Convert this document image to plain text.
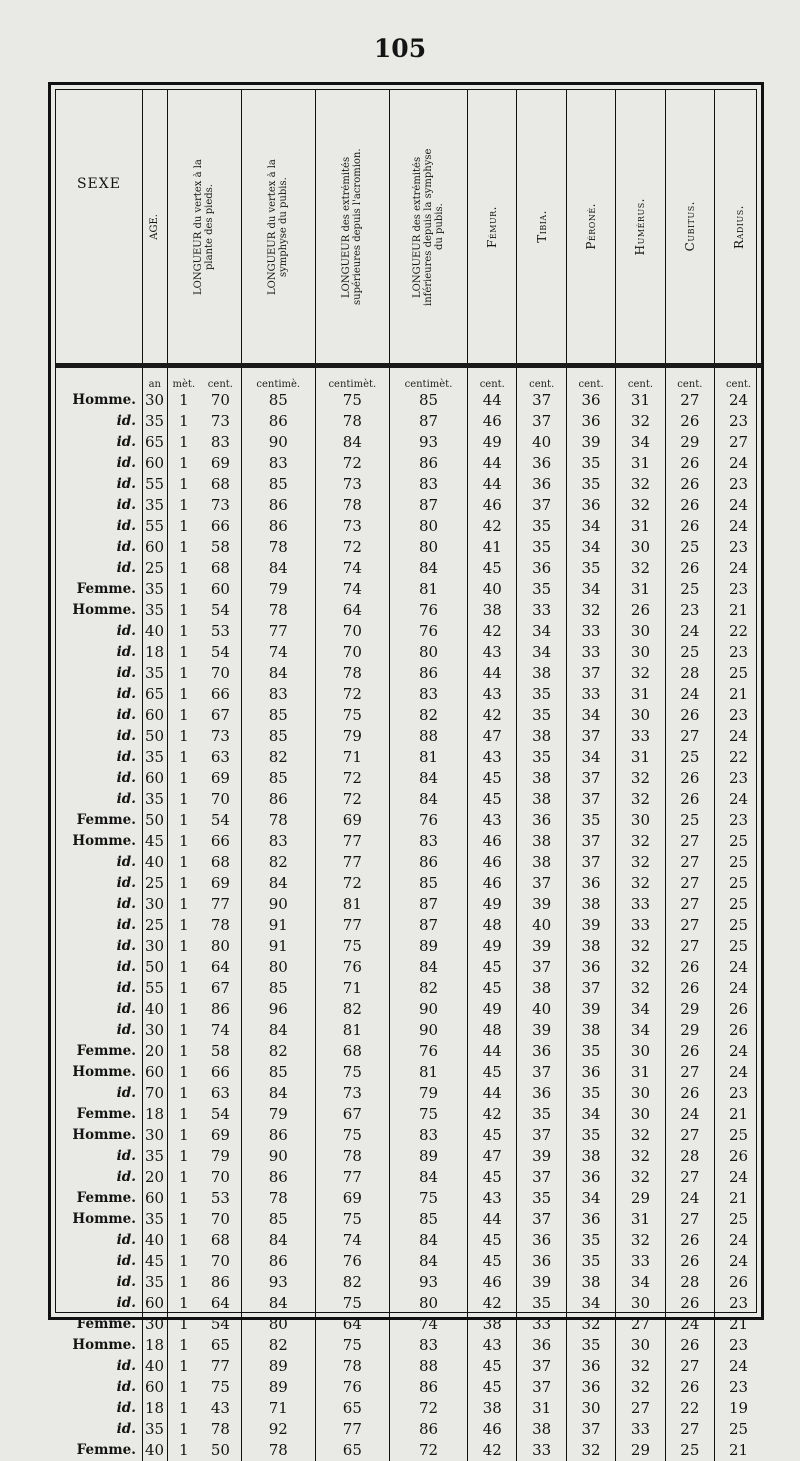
105
SEXE	AGE.	LONGUEUR du vertex à la plante des pieds.		LONGUEUR du vertex à la symphyse du pubis.	LONGUEUR des extrémités supérieures depuis l'acromion.	LONGUEUR des extrémités inférieures depuis la symphyse du pubis.	Fémur.	Tibia.	Péroné.	Humérus.	Cubitus.	Radius.

	an	mèt.	cent.	centimè.	centimèt.	centimèt.	cent.	cent.	cent.	cent.	cent.	cent.
Homme.	30	1	70	85	75	85	44	37	36	31	27	24
id.	35	1	73	86	78	87	46	37	36	32	26	23
id.	65	1	83	90	84	93	49	40	39	34	29	27
id.	60	1	69	83	72	86	44	36	35	31	26	24
id.	55	1	68	85	73	83	44	36	35	32	26	23
id.	35	1	73	86	78	87	46	37	36	32	26	24
id.	55	1	66	86	73	80	42	35	34	31	26	24
id.	60	1	58	78	72	80	41	35	34	30	25	23
id.	25	1	68	84	74	84	45	36	35	32	26	24
Femme.	35	1	60	79	74	81	40	35	34	31	25	23
Homme.	35	1	54	78	64	76	38	33	32	26	23	21
id.	40	1	53	77	70	76	42	34	33	30	24	22
id.	18	1	54	74	70	80	43	34	33	30	25	23
id.	35	1	70	84	78	86	44	38	37	32	28	25
id.	65	1	66	83	72	83	43	35	33	31	24	21
id.	60	1	67	85	75	82	42	35	34	30	26	23
id.	50	1	73	85	79	88	47	38	37	33	27	24
id.	35	1	63	82	71	81	43	35	34	31	25	22
id.	60	1	69	85	72	84	45	38	37	32	26	23
id.	35	1	70	86	72	84	45	38	37	32	26	24
Femme.	50	1	54	78	69	76	43	36	35	30	25	23
Homme.	45	1	66	83	77	83	46	38	37	32	27	25
id.	40	1	68	82	77	86	46	38	37	32	27	25
id.	25	1	69	84	72	85	46	37	36	32	27	25
id.	30	1	77	90	81	87	49	39	38	33	27	25
id.	25	1	78	91	77	87	48	40	39	33	27	25
id.	30	1	80	91	75	89	49	39	38	32	27	25
id.	50	1	64	80	76	84	45	37	36	32	26	24
id.	55	1	67	85	71	82	45	38	37	32	26	24
id.	40	1	86	96	82	90	49	40	39	34	29	26
id.	30	1	74	84	81	90	48	39	38	34	29	26
Femme.	20	1	58	82	68	76	44	36	35	30	26	24
Homme.	60	1	66	85	75	81	45	37	36	31	27	24
id.	70	1	63	84	73	79	44	36	35	30	26	23
Femme.	18	1	54	79	67	75	42	35	34	30	24	21
Homme.	30	1	69	86	75	83	45	37	35	32	27	25
id.	35	1	79	90	78	89	47	39	38	32	28	26
id.	20	1	70	86	77	84	45	37	36	32	27	24
Femme.	60	1	53	78	69	75	43	35	34	29	24	21
Homme.	35	1	70	85	75	85	44	37	36	31	27	25
id.	40	1	68	84	74	84	45	36	35	32	26	24
id.	45	1	70	86	76	84	45	36	35	33	26	24
id.	35	1	86	93	82	93	46	39	38	34	28	26
id.	60	1	64	84	75	80	42	35	34	30	26	23
Femme.	30	1	54	80	64	74	38	33	32	27	24	21
Homme.	18	1	65	82	75	83	43	36	35	30	26	23
id.	40	1	77	89	78	88	45	37	36	32	27	24
id.	60	1	75	89	76	86	45	37	36	32	26	23
id.	18	1	43	71	65	72	38	31	30	27	22	19
id.	35	1	78	92	77	86	46	38	37	33	27	25
Femme.	40	1	50	78	65	72	42	33	32	29	25	21
